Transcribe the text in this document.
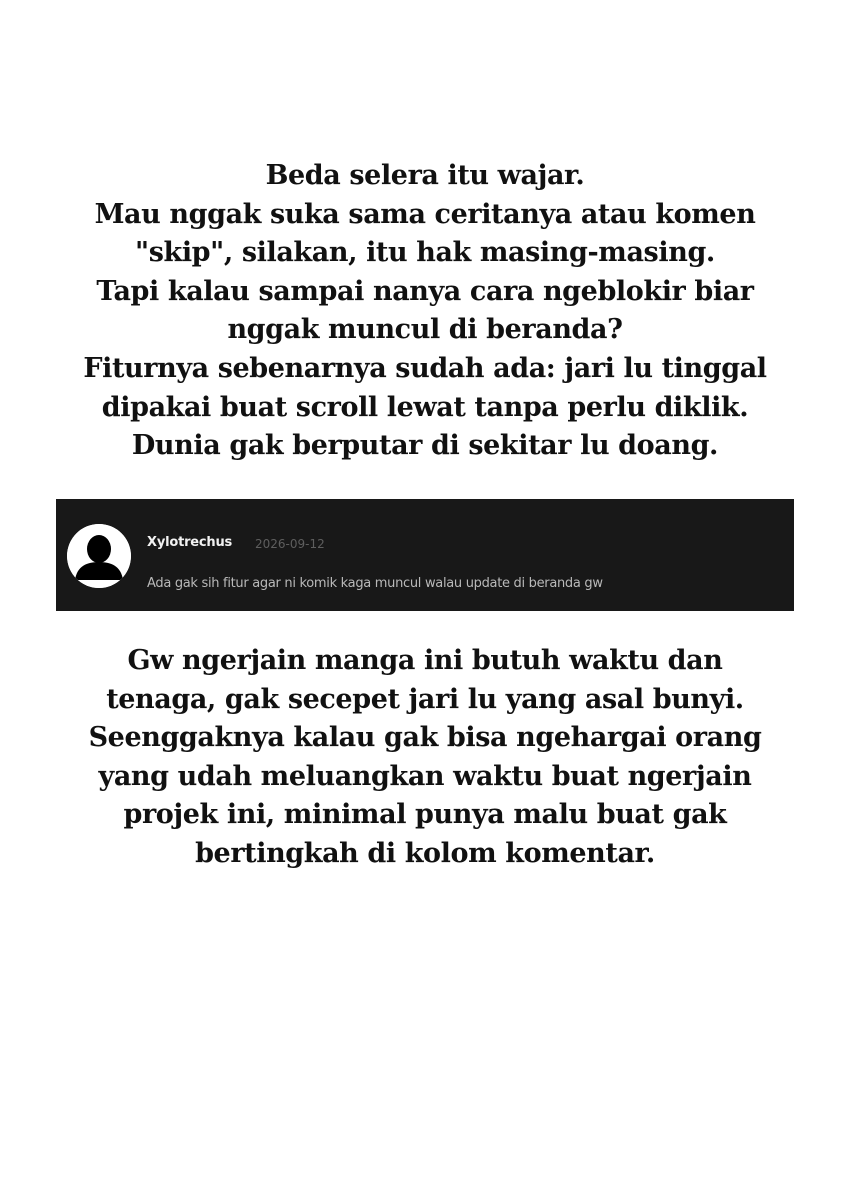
Beda selera itu wajar.
Mau nggak suka sama ceritanya atau komen
"skip", silakan, itu hak masing-masing.
Tapi kalau sampai nanya cara ngeblokir biar
nggak muncul di beranda?
Fiturnya sebenarnya sudah ada: jari lu tinggal
dipakai buat scroll lewat tanpa perlu diklik.
Dunia gak berputar di sekitar lu doang.
Xylotrechus 2026-09-12
Ada gak sih fitur agar ni komik kaga muncul walau update di beranda gw
Gw ngerjain manga ini butuh waktu dan
tenaga, gak secepet jari lu yang asal bunyi.
Seenggaknya kalau gak bisa ngehargai orang
yang udah meluangkan waktu buat ngerjain
projek ini, minimal punya malu buat gak
bertingkah di kolom komentar.
